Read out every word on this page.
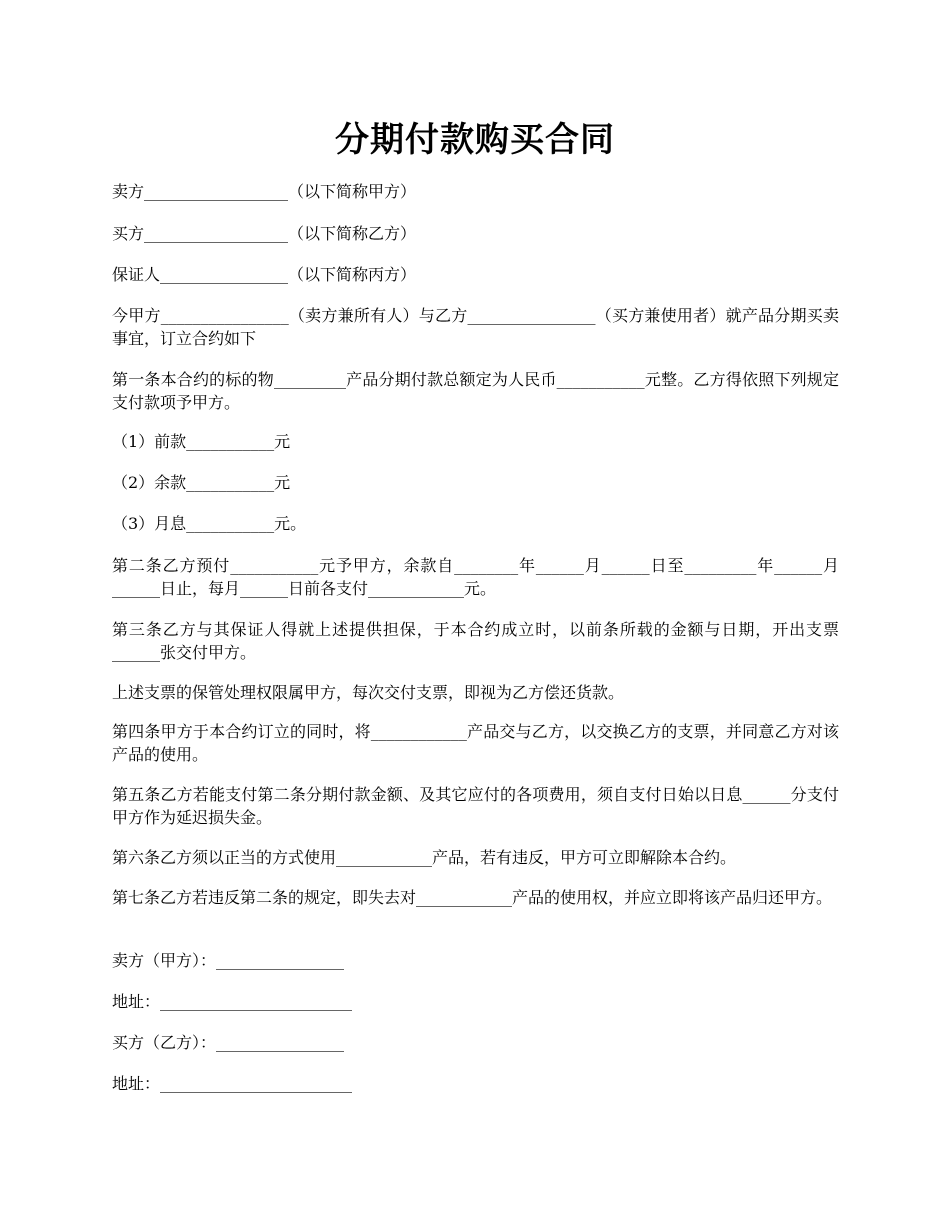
分期付款购买合同

卖方__________________（以下简称甲方）

买方__________________（以下简称乙方）

保证人________________（以下简称丙方）

今甲方________________（卖方兼所有人）与乙方________________（买方兼使用者）就产品分期买卖事宜，订立合约如下

第一条本合约的标的物_________产品分期付款总额定为人民币___________元整。乙方得依照下列规定支付款项予甲方。

（1）前款___________元

（2）余款___________元

（3）月息___________元。

第二条乙方预付___________元予甲方，余款自________年______月______日至_________年______月______日止，每月______日前各支付____________元。

第三条乙方与其保证人得就上述提供担保，于本合约成立时，以前条所载的金额与日期，开出支票______张交付甲方。

上述支票的保管处理权限属甲方，每次交付支票，即视为乙方偿还货款。

第四条甲方于本合约订立的同时，将____________产品交与乙方，以交换乙方的支票，并同意乙方对该产品的使用。

第五条乙方若能支付第二条分期付款金额、及其它应付的各项费用，须自支付日始以日息______分支付甲方作为延迟损失金。

第六条乙方须以正当的方式使用____________产品，若有违反，甲方可立即解除本合约。

第七条乙方若违反第二条的规定，即失去对____________产品的使用权，并应立即将该产品归还甲方。

卖方（甲方）：________________

地址：________________________

买方（乙方）：________________

地址：________________________
